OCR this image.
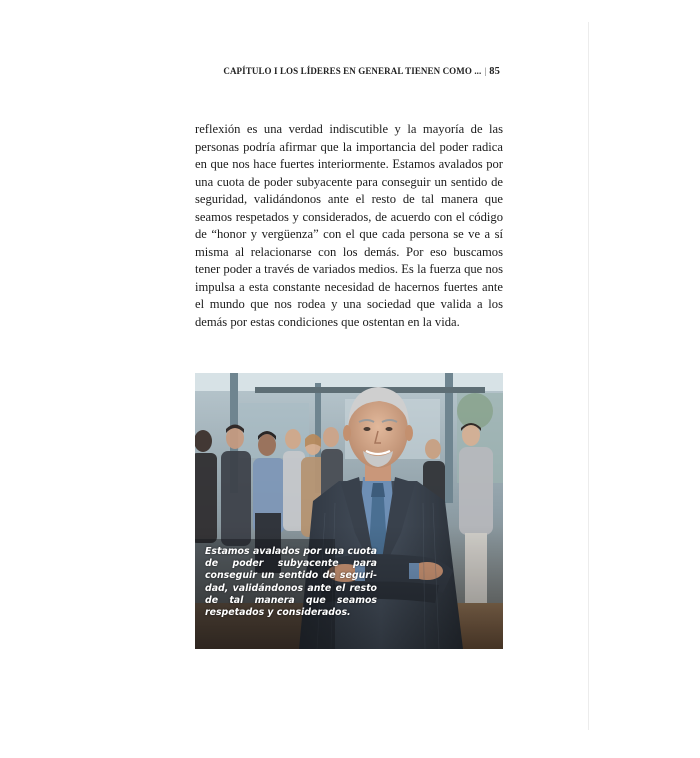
CAPÍTULO I LOS LÍDERES EN GENERAL TIENEN COMO ... | 85

reflexión es una verdad indiscutible y la mayoría de las personas podría afirmar que la importancia del poder radica en que nos hace fuertes interiormente. Estamos avalados por una cuota de poder subyacente para conseguir un sentido de seguridad, validándonos ante el resto de tal manera que seamos respetados y considerados, de acuerdo con el código de “honor y vergüenza” con el que cada persona se ve a sí misma al relacionarse con los demás. Por eso buscamos tener poder a través de variados medios. Es la fuerza que nos impulsa a esta constante necesidad de hacernos fuertes ante el mundo que nos rodea y una sociedad que valida a los demás por estas condiciones que ostentan en la vida.

Estamos avalados por una cuota de poder subyacente para conseguir un sentido de seguridad, validándonos ante el resto de tal manera que seamos respetados y considerados.
